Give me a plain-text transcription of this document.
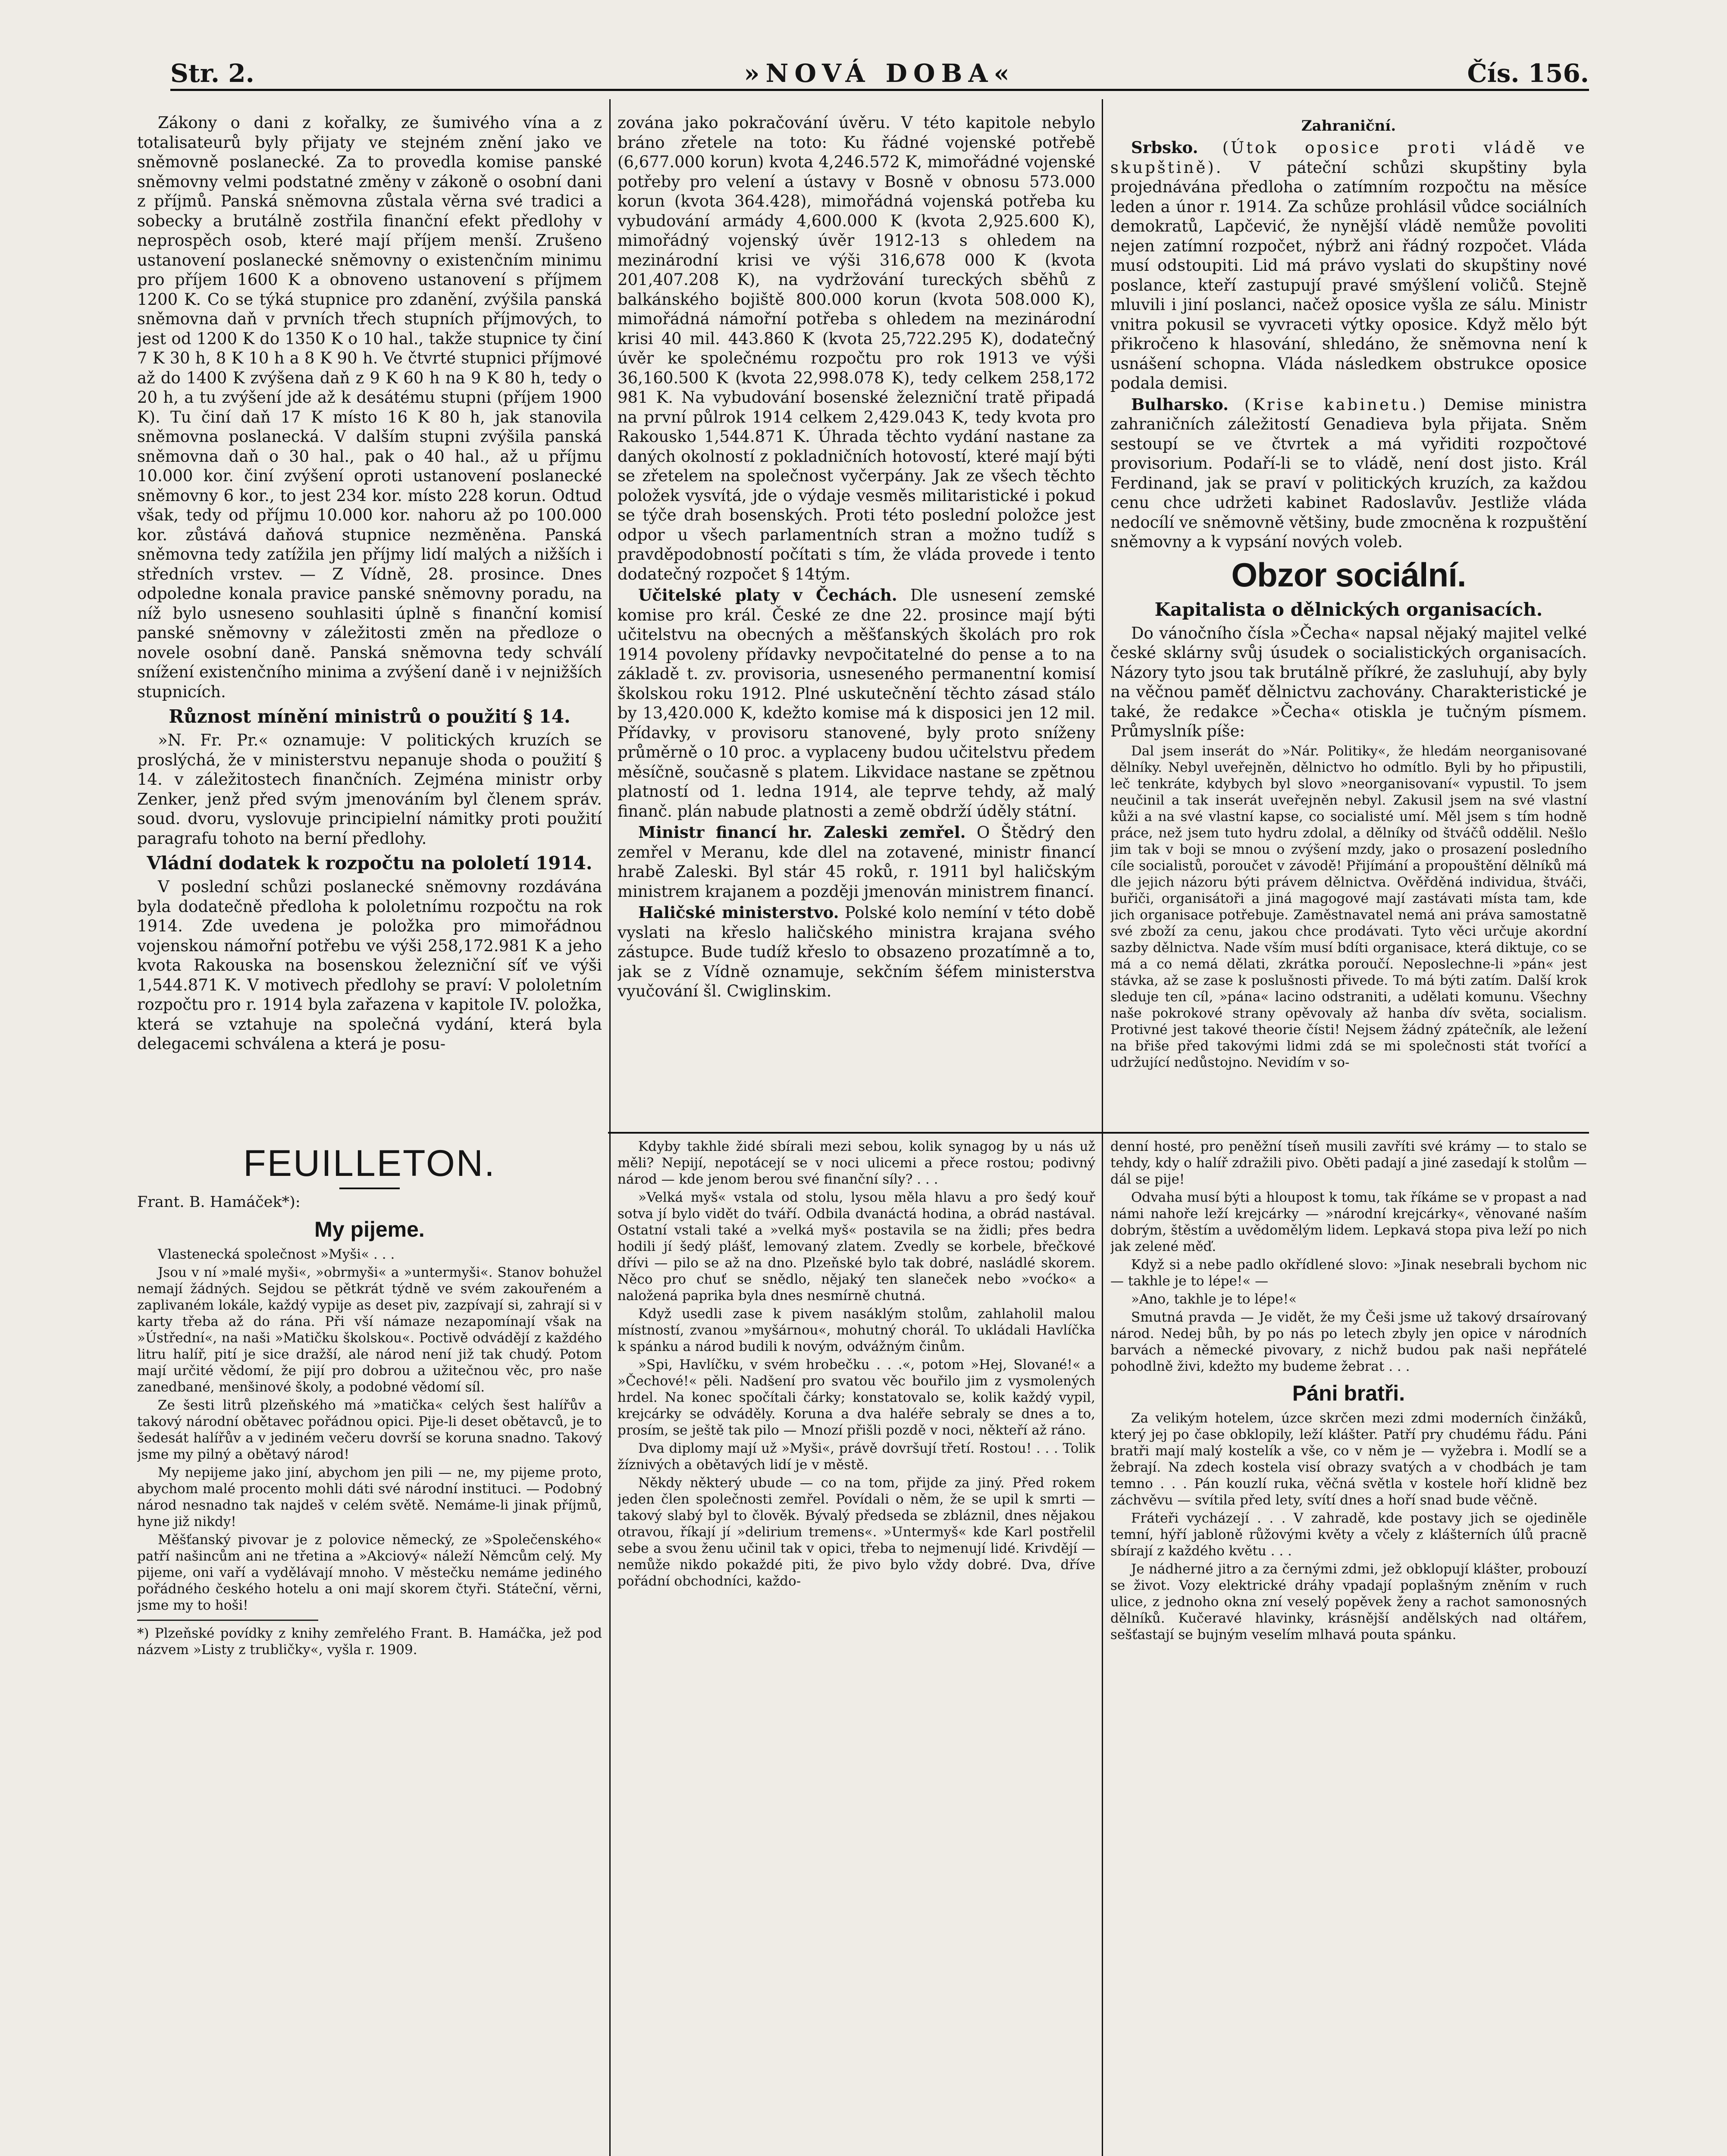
Str. 2.	»NOVÁ DOBA«	Čís. 156.

Zákony o dani z kořalky, ze šumivého vína a z totalisateurů byly přijaty ve stejném znění jako ve sněmovně poslanecké. Za to provedla komise panské sněmovny velmi podstatné změny v zákoně o osobní dani z příjmů. Panská sněmovna zůstala věrna své tradici a sobecky a brutálně zostřila finanční efekt předlohy v neprospěch osob, které mají příjem menší. Zrušeno ustanovení poslanecké sněmovny o existenčním minimu pro příjem 1600 K a obnoveno ustanovení s příjmem 1200 K. Co se týká stupnice pro zdanění, zvýšila panská sněmovna daň v prvních třech stupních příjmových, to jest od 1200 K do 1350 K o 10 hal., takže stupnice ty činí 7 K 30 h, 8 K 10 h a 8 K 90 h. Ve čtvrté stupnici příjmové až do 1400 K zvýšena daň z 9 K 60 h na 9 K 80 h, tedy o 20 h, a tu zvýšení jde až k desátému stupni (příjem 1900 K). Tu činí daň 17 K místo 16 K 80 h, jak stanovila sněmovna poslanecká. V dalším stupni zvýšila panská sněmovna daň o 30 hal., pak o 40 hal., až u příjmu 10.000 kor. činí zvýšení oproti ustanovení poslanecké sněmovny 6 kor., to jest 234 kor. místo 228 korun. Odtud však, tedy od příjmu 10.000 kor. nahoru až po 100.000 kor. zůstává daňová stupnice nezměněna. Panská sněmovna tedy zatížila jen příjmy lidí malých a nižších i středních vrstev. — Z Vídně, 28. prosince. Dnes odpoledne konala pravice panské sněmovny poradu, na níž bylo usneseno souhlasiti úplně s finanční komisí panské sněmovny v záležitosti změn na předloze o novele osobní daně. Panská sněmovna tedy schválí snížení existenčního minima a zvýšení daně i v nejnižších stupnicích.

Různost mínění ministrů o použití § 14.

»N. Fr. Pr.« oznamuje: V politických kruzích se proslýchá, že v ministerstvu nepanuje shoda o použití § 14. v záležitostech finančních. Zejména ministr orby Zenker, jenž před svým jmenováním byl členem správ. soud. dvoru, vyslovuje principielní námitky proti použití paragrafu tohoto na berní předlohy.

Vládní dodatek k rozpočtu na pololetí 1914.

V poslední schůzi poslanecké sněmovny rozdávána byla dodatečně předloha k pololetnímu rozpočtu na rok 1914. Zde uvedena je položka pro mimořádnou vojenskou námořní potřebu ve výši 258,172.981 K a jeho kvota Rakouska na bosenskou železniční síť ve výši 1,544.871 K. V motivech předlohy se praví: V pololetním rozpočtu pro r. 1914 byla zařazena v kapitole IV. položka, která se vztahuje na společná vydání, která byla delegacemi schválena a která je posu-

FEUILLETON.
Frant. B. Hamáček*):
My pijeme.

Vlastenecká společnost »Myši« . . .

Jsou v ní »malé myši«, »obrmyši« a »untermyši«. Stanov bohužel nemají žádných. Sejdou se pětkrát týdně ve svém zakouřeném a zaplivaném lokále, každý vypije as deset piv, zazpívají si, zahrají si v karty třeba až do rána. Při vší námaze nezapomínají však na »Ústřední«, na naši »Matičku školskou«. Poctivě odvádějí z každého litru halíř, pití je sice dražší, ale národ není již tak chudý. Potom mají určité vědomí, že pijí pro dobrou a užitečnou věc, pro naše zanedbané, menšinové školy, a podobné vědomí síl.

Ze šesti litrů plzeňského má »matička« celých šest halířův a takový národní obětavec pořádnou opici. Pije-li deset obětavců, je to šedesát halířův a v jediném večeru dovrší se koruna snadno. Takový jsme my pilný a obětavý národ!

My nepijeme jako jiní, abychom jen pili — ne, my pijeme proto, abychom malé procento mohli dáti své národní instituci. — Podobný národ nesnadno tak najdeš v celém světě. Nemáme-li jinak příjmů, hyne již nikdy!

Měšťanský pivovar je z polovice německý, ze »Společenského« patří našincům ani ne třetina a »Akciový« náleží Němcům celý. My pijeme, oni vaří a vydělávají mnoho. V městečku nemáme jediného pořádného českého hotelu a oni mají skorem čtyři. Státeční, věrni, jsme my to hoši!

*) Plzeňské povídky z knihy zemřelého Frant. B. Hamáčka, jež pod názvem »Listy z trubličky«, vyšla r. 1909.

zována jako pokračování úvěru. V této kapitole nebylo bráno zřetele na toto: Ku řádné vojenské potřebě (6,677.000 korun) kvota 4,246.572 K, mimořádné vojenské potřeby pro velení a ústavy v Bosně v obnosu 573.000 korun (kvota 364.428), mimořádná vojenská potřeba ku vybudování armády 4,600.000 K (kvota 2,925.600 K), mimořádný vojenský úvěr 1912-13 s ohledem na mezinárodní krisi ve výši 316,678 000 K (kvota 201,407.208 K), na vydržování tureckých sběhů z balkánského bojiště 800.000 korun (kvota 508.000 K), mimořádná námořní potřeba s ohledem na mezinárodní krisi 40 mil. 443.860 K (kvota 25,722.295 K), dodatečný úvěr ke společnému rozpočtu pro rok 1913 ve výši 36,160.500 K (kvota 22,998.078 K), tedy celkem 258,172 981 K. Na vybudování bosenské železniční tratě připadá na první půlrok 1914 celkem 2,429.043 K, tedy kvota pro Rakousko 1,544.871 K. Úhrada těchto vydání nastane za daných okolností z pokladničních hotovostí, které mají býti se zřetelem na společnost vyčerpány. Jak ze všech těchto položek vysvítá, jde o výdaje vesměs militaristické i pokud se týče drah bosenských. Proti této poslední položce jest odpor u všech parlamentních stran a možno tudíž s pravděpodobností počítati s tím, že vláda provede i tento dodatečný rozpočet § 14tým.

Učitelské platy v Čechách. Dle usnesení zemské komise pro král. České ze dne 22. prosince mají býti učitelstvu na obecných a měšťanských školách pro rok 1914 povoleny přídavky nevpočitatelné do pense a to na základě t. zv. provisoria, usneseného permanentní komisí školskou roku 1912. Plné uskutečnění těchto zásad stálo by 13,420.000 K, kdežto komise má k disposici jen 12 mil. Přídavky, v provisoru stanovené, byly proto sníženy průměrně o 10 proc. a vyplaceny budou učitelstvu předem měsíčně, současně s platem. Likvidace nastane se zpětnou platností od 1. ledna 1914, ale teprve tehdy, až malý finanč. plán nabude platnosti a země obdrží úděly státní.

Ministr financí hr. Zaleski zemřel. O Štědrý den zemřel v Meranu, kde dlel na zotavené, ministr financí hrabě Zaleski. Byl stár 45 roků, r. 1911 byl haličským ministrem krajanem a později jmenován ministrem financí.

Haličské ministerstvo. Polské kolo nemíní v této době vyslati na křeslo haličského ministra krajana svého zástupce. Bude tudíž křeslo to obsazeno prozatímně a to, jak se z Vídně oznamuje, sekčním šéfem ministerstva vyučování šl. Cwiglinskim.

Kdyby takhle židé sbírali mezi sebou, kolik synagog by u nás už měli? Nepijí, nepotácejí se v noci ulicemi a přece rostou; podivný národ — kde jenom berou své finanční síly? . . .

»Velká myš« vstala od stolu, lysou měla hlavu a pro šedý kouř sotva jí bylo vidět do tváří. Odbila dvanáctá hodina, a obrád nastával. Ostatní vstali také a »velká myš« postavila se na židli; přes bedra hodili jí šedý plášť, lemovaný zlatem. Zvedly se korbele, břečkové dřívi — pilo se až na dno. Plzeňské bylo tak dobré, nasládlé skorem. Něco pro chuť se snědlo, nějaký ten slaneček nebo »voćko« a naložená paprika byla dnes nesmírně chutná.

Když usedli zase k pivem nasáklým stolům, zahlaholil malou místností, zvanou »myšárnou«, mohutný chorál. To ukládali Havlíčka k spánku a národ budili k novým, odvážným činům.

»Spi, Havlíčku, v svém hrobečku . . .«, potom »Hej, Slované!« a »Čechové!« pěli. Nadšení pro svatou věc bouřilo jim z vysmolených hrdel. Na konec spočítali čárky; konstatovalo se, kolik každý vypil, krejcárky se odváděly. Koruna a dva haléře sebraly se dnes a to, prosím, se ještě tak pilo — Mnozí přišli pozdě v noci, někteří až ráno.

Dva diplomy mají už »Myši«, právě dovršují třetí. Rostou! . . . Tolik žíznivých a obětavých lidí je v městě.

Někdy některý ubude — co na tom, přijde za jiný. Před rokem jeden člen společnosti zemřel. Povídali o něm, že se upil k smrti — takový slabý byl to člověk. Bývalý předseda se zbláznil, dnes nějakou otravou, říkají jí »delirium tremens«. »Untermyš« kde Karl postřelil sebe a svou ženu učinil tak v opici, třeba to nejmenují lidé. Krivdějí — nemůže nikdo pokaždé piti, že pivo bylo vždy dobré. Dva, dříve pořádní obchodníci, každo-

Zahraniční.

Srbsko. (Útok oposice proti vládě ve skupštině). V páteční schůzi skupštiny byla projednávána předloha o zatímním rozpočtu na měsíce leden a únor r. 1914. Za schůze prohlásil vůdce sociálních demokratů, Lapčević, že nynější vládě nemůže povoliti nejen zatímní rozpočet, nýbrž ani řádný rozpočet. Vláda musí odstoupiti. Lid má právo vyslati do skupštiny nové poslance, kteří zastupují pravé smýšlení voličů. Stejně mluvili i jiní poslanci, načež oposice vyšla ze sálu. Ministr vnitra pokusil se vyvraceti výtky oposice. Když mělo být přikročeno k hlasování, shledáno, že sněmovna není k usnášení schopna. Vláda následkem obstrukce oposice podala demisi.

Bulharsko. (Krise kabinetu.) Demise ministra zahraničních záležitostí Genadieva byla přijata. Sněm sestoupí se ve čtvrtek a má vyřiditi rozpočtové provisorium. Podaří-li se to vládě, není dost jisto. Král Ferdinand, jak se praví v politických kruzích, za každou cenu chce udržeti kabinet Radoslavův. Jestliže vláda nedocílí ve sněmovně většiny, bude zmocněna k rozpuštění sněmovny a k vypsání nových voleb.

Obzor sociální.
Kapitalista o dělnických organisacích.

Do vánočního čísla »Čecha« napsal nějaký majitel velké české sklárny svůj úsudek o socialistických organisacích. Názory tyto jsou tak brutálně příkré, že zasluhují, aby byly na věčnou paměť dělnictvu zachovány. Charakteristické je také, že redakce »Čecha« otiskla je tučným písmem. Průmyslník píše:

Dal jsem inserát do »Nár. Politiky«, že hledám neorganisované dělníky. Nebyl uveřejněn, dělnictvo ho odmítlo. Byli by ho připustili, leč tenkráte, kdybych byl slovo »neorganisovaní« vypustil. To jsem neučinil a tak inserát uveřejněn nebyl. Zakusil jsem na své vlastní kůži a na své vlastní kapse, co socialisté umí. Měl jsem s tím hodně práce, než jsem tuto hydru zdolal, a dělníky od štváčů oddělil. Nešlo jim tak v boji se mnou o zvýšení mzdy, jako o prosazení posledního cíle socialistů, poroučet v závodě! Přijímání a propouštění dělníků má dle jejich názoru býti právem dělnictva. Ověřděná individua, štváči, buřiči, organisátoři a jiná magogové mají zastávati místa tam, kde jich organisace potřebuje. Zaměstnavatel nemá ani práva samostatně své zboží za cenu, jakou chce prodávati. Tyto věci určuje akordní sazby dělnictva. Nade vším musí bdíti organisace, která diktuje, co se má a co nemá dělati, zkrátka poroučí. Neposlechne-li »pán« jest stávka, až se zase k poslušnosti přivede. To má býti zatím. Další krok sleduje ten cíl, »pána« lacino odstraniti, a udělati komunu. Všechny naše pokrokové strany opěvovaly až hanba dív světa, socialism. Protivné jest takové theorie čísti! Nejsem žádný zpátečník, ale ležení na břiše před takovými lidmi zdá se mi společnosti stát tvořící a udržující nedůstojno. Nevidím v so-

denní hosté, pro peněžní tíseň musili zavříti své krámy — to stalo se tehdy, kdy o halíř zdražili pivo. Oběti padají a jiné zasedají k stolům — dál se pije!

Odvaha musí býti a hloupost k tomu, tak říkáme se v propast a nad námi nahoře leží krejcárky — »národní krejcárky«, věnované naším dobrým, štěstím a uvědomělým lidem. Lepkavá stopa piva leží po nich jak zelené měď.

Když si a nebe padlo okřídlené slovo: »Jinak nesebrali bychom nic — takhle je to lépe!« —

»Ano, takhle je to lépe!«

Smutná pravda — Je vidět, že my Češi jsme už takový drsaírovaný národ. Nedej bůh, by po nás po letech zbyly jen opice v národních barvách a německé pivovary, z nichž budou pak naši nepřátelé pohodlně živi, kdežto my budeme žebrat . . .

Páni bratři.

Za velikým hotelem, úzce skrčen mezi zdmi moderních činžáků, který jej po čase obklopily, leží klášter. Patří pry chudému řádu. Páni bratři mají malý kostelík a vše, co v něm je — vyžebra i. Modlí se a žebrají. Na zdech kostela visí obrazy svatých a v chodbách je tam temno . . . Pán kouzlí ruka, věčná světla v kostele hoří klidně bez záchvěvu — svítila před lety, svítí dnes a hoří snad bude věčně.

Fráteři vycházejí . . . V zahradě, kde postavy jich se ojediněle temní, hýří jabloně růžovými květy a včely z klášterních úlů pracně sbírají z každého květu . . .

Je nádherné jitro a za černými zdmi, jež obklopují klášter, probouzí se život. Vozy elektrické dráhy vpadají poplašným zněním v ruch ulice, z jednoho okna zní veselý popěvek ženy a rachot samonosných dělníků. Kučeravé hlavinky, krásnější andělských nad oltářem, sešťastají se bujným veselím mlhavá pouta spánku.
